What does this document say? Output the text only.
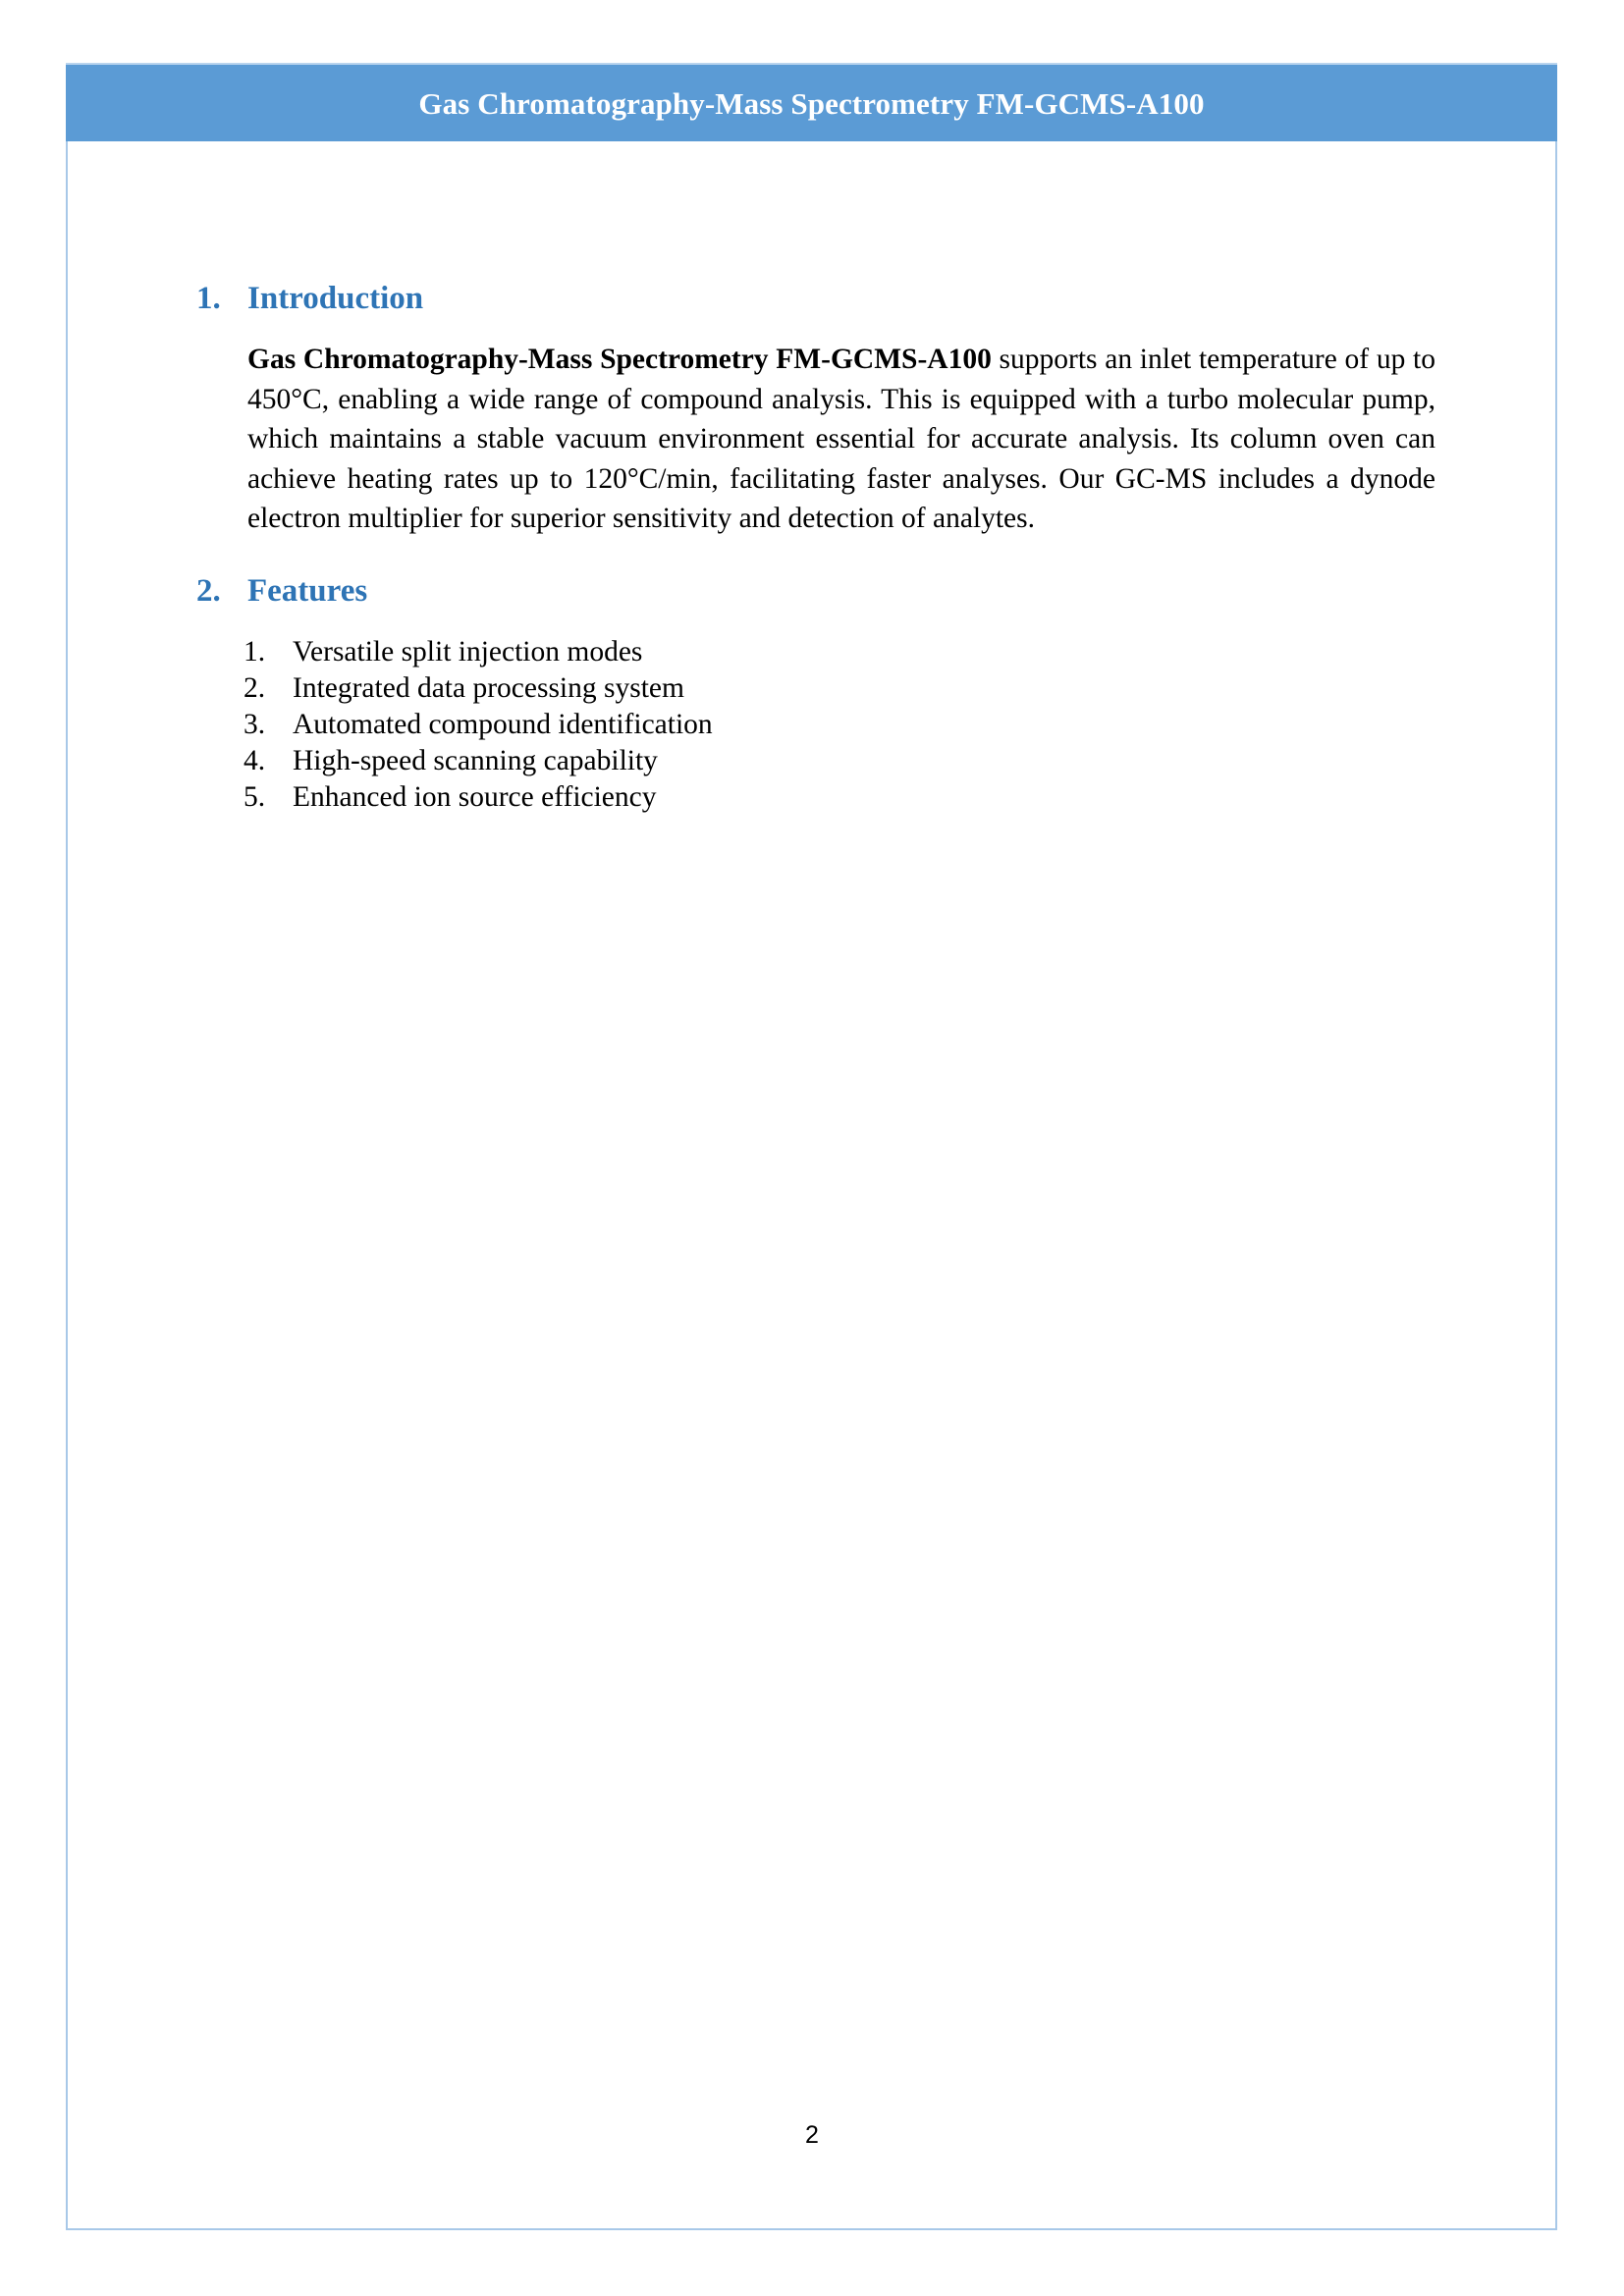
Gas Chromatography-Mass Spectrometry FM-GCMS-A100
1. Introduction

Gas Chromatography-Mass Spectrometry FM-GCMS-A100 supports an inlet temperature of up to 450°C, enabling a wide range of compound analysis. This is equipped with a turbo molecular pump, which maintains a stable vacuum environment essential for accurate analysis. Its column oven can achieve heating rates up to 120°C/min, facilitating faster analyses. Our GC-MS includes a dynode electron multiplier for superior sensitivity and detection of analytes.

2. Features
1. Versatile split injection modes
2. Integrated data processing system
3. Automated compound identification
4. High-speed scanning capability
5. Enhanced ion source efficiency
2
